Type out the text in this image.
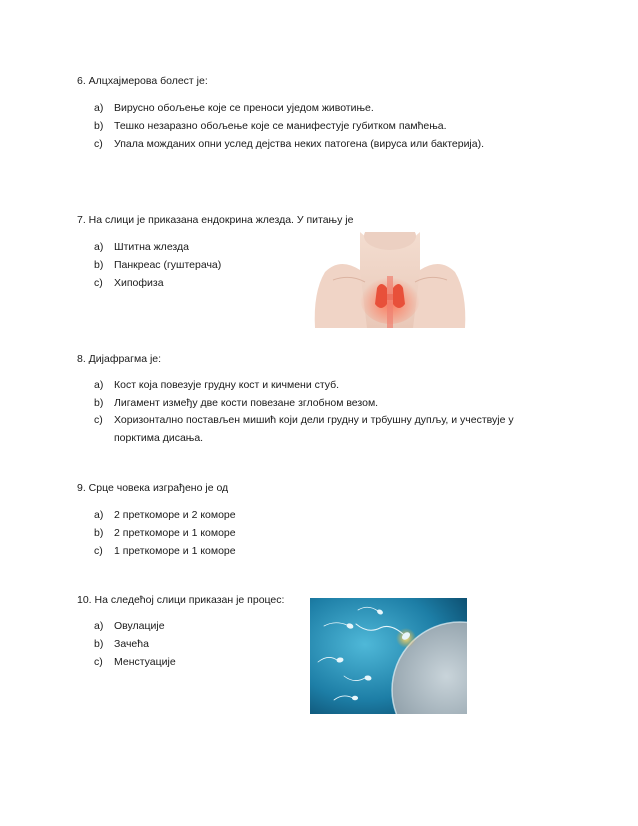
6. Алцхајмерова болест је:
a) Вирусно обољење које се преноси уједом животиње.
b) Тешко незаразно обољење које се манифестује губитком памћења.
c) Упала мождaних опни услед дејства неких патогена (вируса или бактерија).
7. На слици је приказана ендокрина жлезда. У питању је
a) Штитна жлезда
b) Панкреас (гуштерача)
c) Хипофиза
8. Дијафрагма је:
a) Кост која повезује грудну кост и кичмени стуб.
b) Лигамент између две кости повезане зглобном везом.
c)	Хоризонтално постављен мишић који дели грудну и трбушну дупљу, и учествује у порктима дисања.
9. Срце човека изграђено је од
a) 2 преткоморе и 2 коморе
b) 2 преткоморе и 1 коморе
c) 1 преткоморе и 1 коморе
10. На следећој слици приказан је процес:
a) Овулације
b) Зачећа
c) Менстуације
